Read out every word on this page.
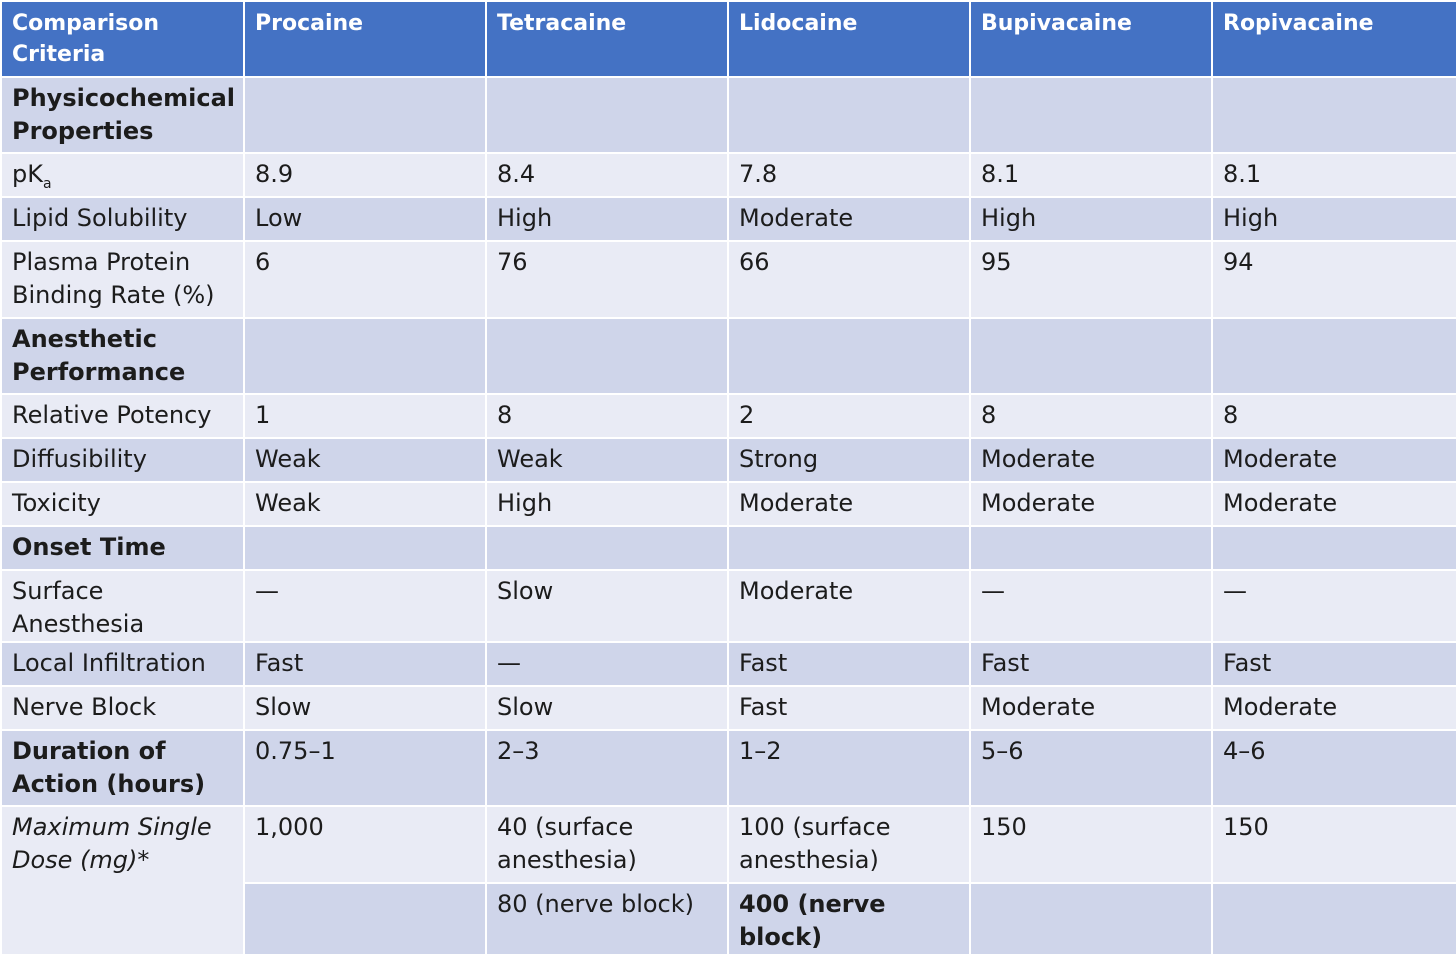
Comparison Criteria	Procaine	Tetracaine	Lidocaine	Bupivacaine	Ropivacaine
Physicochemical Properties					
$pK_a$	8.9	8.4	7.8	8.1	8.1
Lipid Solubility	Low	High	Moderate	High	High
Plasma Protein Binding Rate (%)	6	76	66	95	94
Anesthetic Performance					
Relative Potency	1	8	2	8	8
Diffusibility	Weak	Weak	Strong	Moderate	Moderate
Toxicity	Weak	High	Moderate	Moderate	Moderate
Onset Time					
Surface Anesthesia	—	Slow	Moderate	—	—
Local Infiltration	Fast	—	Fast	Fast	Fast
Nerve Block	Slow	Slow	Fast	Moderate	Moderate
Duration of Action (hours)	0.75–1	2–3	1–2	5–6	4–6
Maximum Single Dose (mg)*	1,000	40 (surface anesthesia)	100 (surface anesthesia)	150	150
		80 (nerve block)	400 (nerve block)		
